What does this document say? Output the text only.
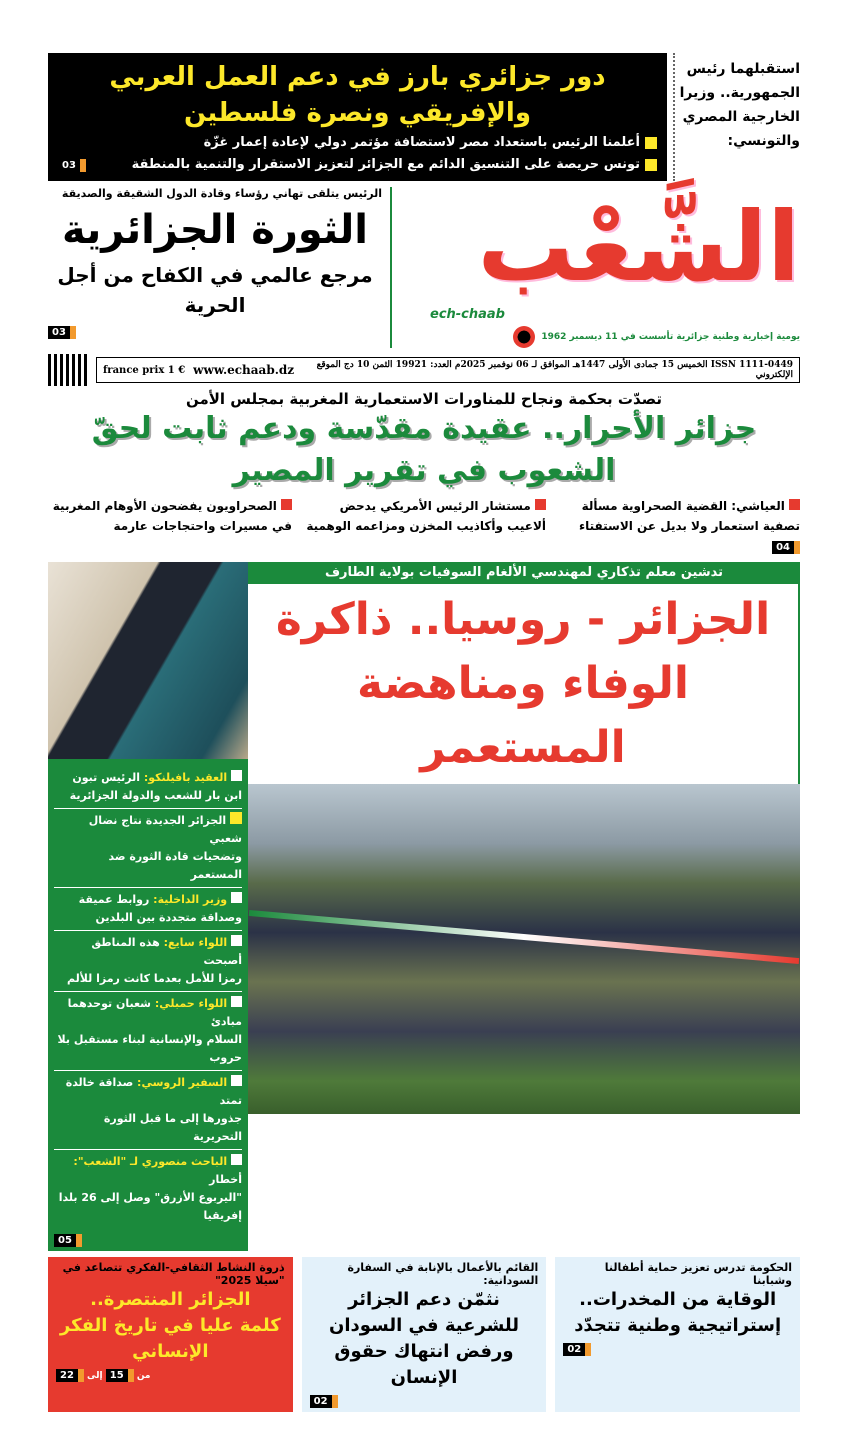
استقبلهما رئيس الجمهورية.. وزيرا الخارجية المصري والتونسي:
دور جزائري بارز في دعم العمل العربي والإفريقي ونصرة فلسطين
أعلمنا الرئيس باستعداد مصر لاستضافة مؤتمر دولي لإعادة إعمار غزّة
تونس حريصة على التنسيق الدائم مع الجزائر لتعزيز الاستقرار والتنمية بالمنطقة
03
الشَّعْب
ech-chaab
يومية إخبارية وطنية جزائرية تأسست في 11 ديسمبر 1962
الرئيس يتلقى تهاني رؤساء وقادة الدول الشقيقة والصديقة
الثورة الجزائرية
مرجع عالمي في الكفاح من أجل الحرية
03
france prix 1 € www.echaab.dz	ISSN 1111-0449 الخميس 15 جمادى الأولى 1447هـ الموافق لـ 06 نوفمبر 2025م العدد: 19921 الثمن 10 دج الموقع الإلكتروني
تصدّت بحكمة ونجاح للمناورات الاستعمارية المغربية بمجلس الأمن
جزائر الأحرار.. عقيدة مقدّسة ودعم ثابت لحقّ الشعوب في تقرير المصير
الصحراويون يفضحون الأوهام المغربية
في مسيرات واحتجاجات عارمة
مستشار الرئيس الأمريكي يدحض
ألاعيب وأكاذيب المخزن ومزاعمه الوهمية
العياشي: القضية الصحراوية مسألة
تصفية استعمار ولا بديل عن الاستفتاء 04
تدشين معلم تذكاري لمهندسي الألغام السوفيات بولاية الطارف
الجزائر - روسيا.. ذاكرة
الوفاء ومناهضة المستعمر
العقيد بافيلنكو: الرئيس تبون
ابن بار للشعب والدولة الجزائرية
الجزائر الجديدة نتاج نضال شعبي
وتضحيات قادة الثورة ضد المستعمر
وزير الداخلية: روابط عميقة
وصداقة متجددة بين البلدين
اللواء سايع: هذه المناطق أصبحت
رمزا للأمل بعدما كانت رمزا للألم
اللواء حمبلي: شعبان توحدهما مبادئ
السلام والإنسانية لبناء مستقبل بلا حروب
السفير الروسي: صداقة خالدة تمتد
جذورها إلى ما قبل الثورة التحريرية
الباحث منصوري لـ "الشعب": أخطار
"اليربوع الأزرق" وصل إلى 26 بلدا إفريقيا
05
الحكومة تدرس تعزيز حماية أطفالنا وشبابنا
الوقاية من المخدرات..
إستراتيجية وطنية تتجدّد
02
القائم بالأعمال بالإنابة في السفارة السودانية:
نثمّن دعم الجزائر للشرعية في السودان
ورفض انتهاك حقوق الإنسان
02
ذروة النشاط الثقافي-الفكري تتصاعد في "سيلا 2025"
الجزائر المنتصرة..
كلمة عليا في تاريخ الفكر الإنساني
من 15 إلى 22
